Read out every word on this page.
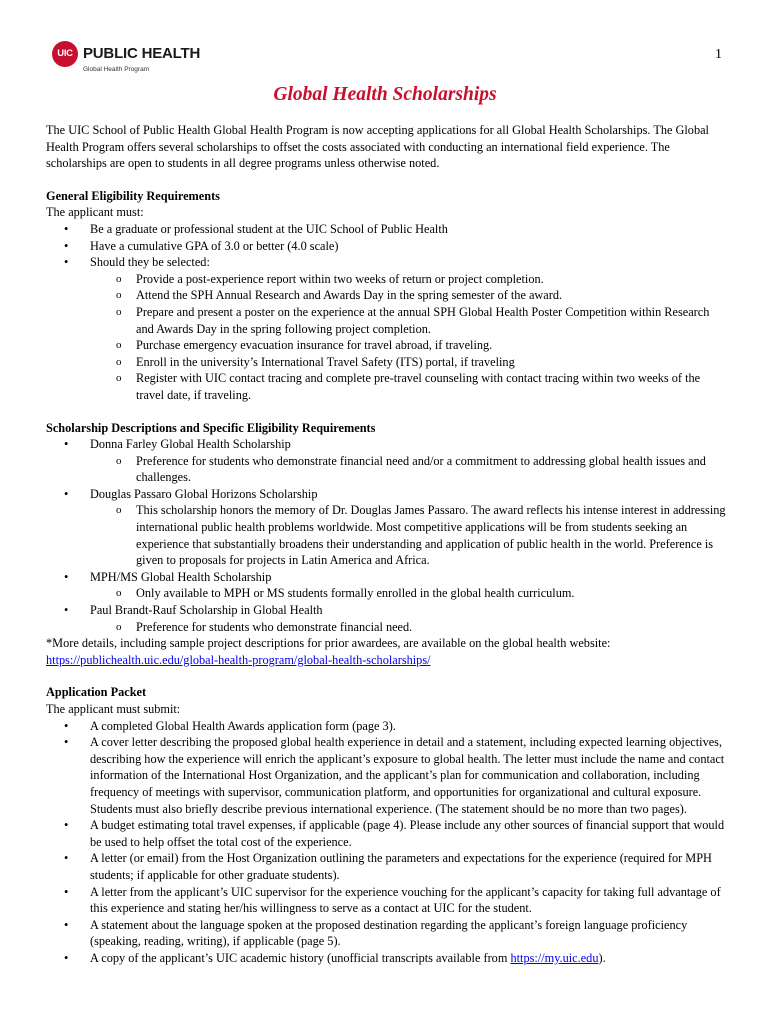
UIC PUBLIC HEALTH
Global Health Program
1
Global Health Scholarships

The UIC School of Public Health Global Health Program is now accepting applications for all Global Health Scholarships. The Global Health Program offers several scholarships to offset the costs associated with conducting an international field experience. The scholarships are open to students in all degree programs unless otherwise noted.

General Eligibility Requirements

The applicant must:

• Be a graduate or professional student at the UIC School of Public Health
• Have a cumulative GPA of 3.0 or better (4.0 scale)
• Should they be selected:
o Provide a post-experience report within two weeks of return or project completion.
o Attend the SPH Annual Research and Awards Day in the spring semester of the award.
o Prepare and present a poster on the experience at the annual SPH Global Health Poster Competition within Research and Awards Day in the spring following project completion.
o Purchase emergency evacuation insurance for travel abroad, if traveling.
o Enroll in the university’s International Travel Safety (ITS) portal, if traveling
o Register with UIC contact tracing and complete pre-travel counseling with contact tracing within two weeks of the travel date, if traveling.

Scholarship Descriptions and Specific Eligibility Requirements

• Donna Farley Global Health Scholarship
o Preference for students who demonstrate financial need and/or a commitment to addressing global health issues and challenges.
• Douglas Passaro Global Horizons Scholarship
o This scholarship honors the memory of Dr. Douglas James Passaro. The award reflects his intense interest in addressing international public health problems worldwide. Most competitive applications will be from students seeking an experience that substantially broadens their understanding and application of public health in the world. Preference is given to proposals for projects in Latin America and Africa.
• MPH/MS Global Health Scholarship
o Only available to MPH or MS students formally enrolled in the global health curriculum.
• Paul Brandt-Rauf Scholarship in Global Health
o Preference for students who demonstrate financial need.

*More details, including sample project descriptions for prior awardees, are available on the global health website:

https://publichealth.uic.edu/global-health-program/global-health-scholarships/

Application Packet

The applicant must submit:

• A completed Global Health Awards application form (page 3).
• A cover letter describing the proposed global health experience in detail and a statement, including expected learning objectives, describing how the experience will enrich the applicant’s exposure to global health. The letter must include the name and contact information of the International Host Organization, and the applicant’s plan for communication and collaboration, including frequency of meetings with supervisor, communication platform, and opportunities for organizational and cultural exposure. Students must also briefly describe previous international experience. (The statement should be no more than two pages).
• A budget estimating total travel expenses, if applicable (page 4). Please include any other sources of financial support that would be used to help offset the total cost of the experience.
• A letter (or email) from the Host Organization outlining the parameters and expectations for the experience (required for MPH students; if applicable for other graduate students).
• A letter from the applicant’s UIC supervisor for the experience vouching for the applicant’s capacity for taking full advantage of this experience and stating her/his willingness to serve as a contact at UIC for the student.
• A statement about the language spoken at the proposed destination regarding the applicant’s foreign language proficiency (speaking, reading, writing), if applicable (page 5).
• A copy of the applicant’s UIC academic history (unofficial transcripts available from https://my.uic.edu).
